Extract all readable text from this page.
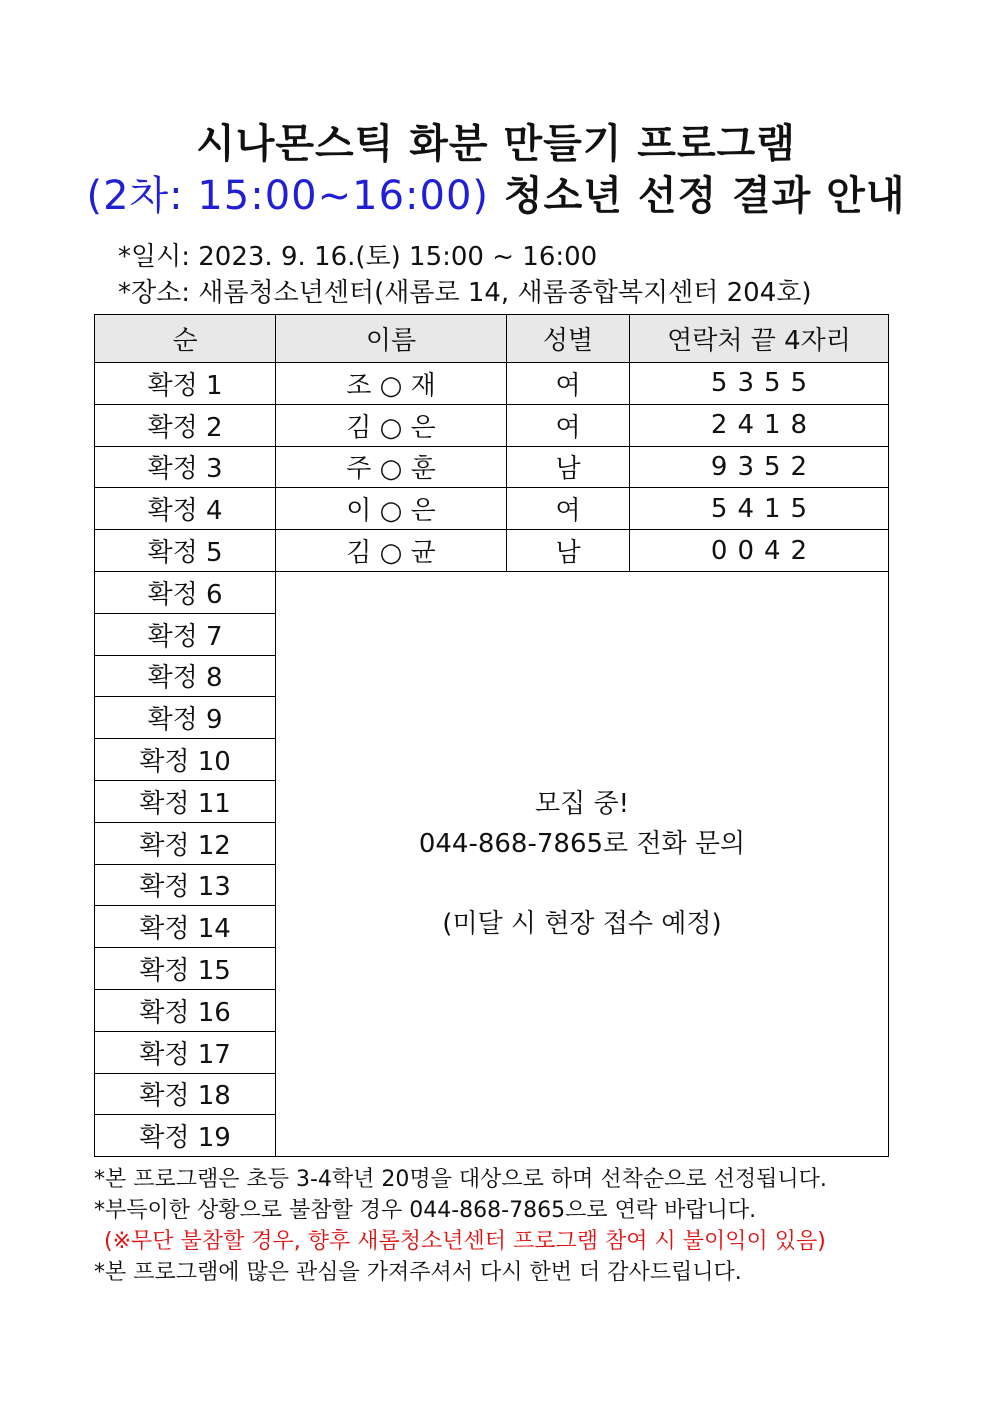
시나몬스틱 화분 만들기 프로그램
(2차: 15:00~16:00) 청소년 선정 결과 안내
*일시: 2023. 9. 16.(토) 15:00 ~ 16:00
*장소: 새롬청소년센터(새롬로 14, 새롬종합복지센터 204호)
순	이름	성별	연락처 끝 4자리
확정 1	조 ○ 재	여	5355
확정 2	김 ○ 은	여	2418
확정 3	주 ○ 훈	남	9352
확정 4	이 ○ 은	여	5415
확정 5	김 ○ 균	남	0042
확정 6	모집 중!
044-868-7865로 전화 문의
(미달 시 현장 접수 예정)		

확정 7			
확정 8			
확정 9			
확정 10			
확정 11			
확정 12			
확정 13			
확정 14			
확정 15			
확정 16			
확정 17			
확정 18			
확정 19			
*본 프로그램은 초등 3-4학년 20명을 대상으로 하며 선착순으로 선정됩니다.
*부득이한 상황으로 불참할 경우 044-868-7865으로 연락 바랍니다.
(※무단 불참할 경우, 향후 새롬청소년센터 프로그램 참여 시 불이익이 있음)
*본 프로그램에 많은 관심을 가져주셔서 다시 한번 더 감사드립니다.
